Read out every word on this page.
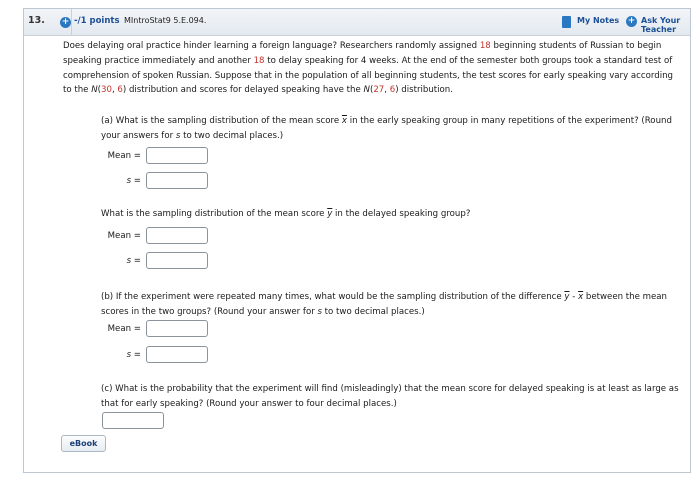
13.	+ -/1 points MIntroStat9 5.E.094.	My Notes + Ask Your Teacher
Does delaying oral practice hinder learning a foreign language? Researchers randomly assigned 18 beginning students of Russian to begin speaking practice immediately and another 18 to delay speaking for 4 weeks. At the end of the semester both groups took a standard test of comprehension of spoken Russian. Suppose that in the population of all beginning students, the test scores for early speaking vary according to the N(30, 6) distribution and scores for delayed speaking have the N(27, 6) distribution.
(a) What is the sampling distribution of the mean score $\overline{x}$ in the early speaking group in many repetitions of the experiment? (Round your answers for s to two decimal places.)
Mean =
s =
What is the sampling distribution of the mean score $\overline{y}$ in the delayed speaking group?
Mean =
s =
(b) If the experiment were repeated many times, what would be the sampling distribution of the difference $\overline{y} - \overline{x}$ between the mean scores in the two groups? (Round your answer for s to two decimal places.)
Mean =
s =
(c) What is the probability that the experiment will find (misleadingly) that the mean score for delayed speaking is at least as large as that for early speaking? (Round your answer to four decimal places.)
eBook
